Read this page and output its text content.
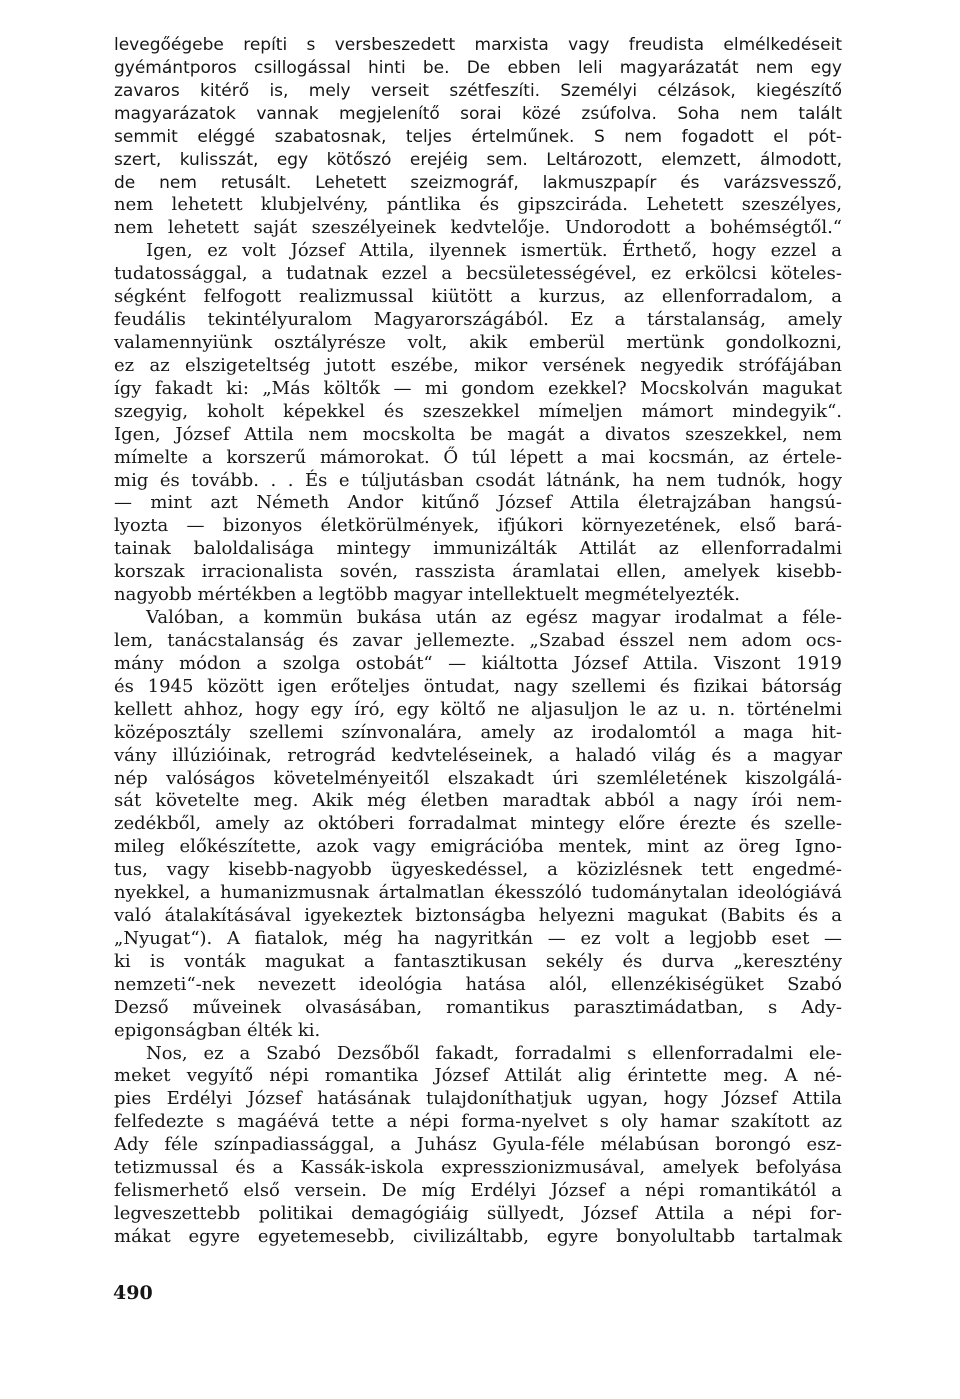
levegőégebe repíti s versbeszedett marxista vagy freudista elmélkedéseit
gyémántporos csillogással hinti be. De ebben leli magyarázatát nem egy
zavaros kitérő is, mely verseit szétfeszíti. Személyi célzások, kiegészítő
magyarázatok vannak megjelenítő sorai közé zsúfolva. Soha nem talált
semmit eléggé szabatosnak, teljes értelműnek. S nem fogadott el pót-
szert, kulisszát, egy kötőszó erejéig sem. Leltározott, elemzett, álmodott,
de nem retusált. Lehetett szeizmográf, lakmuszpapír és varázsvessző,
nem lehetett klubjelvény, pántlika és gipszcirádа. Lehetett szeszélyes,
nem lehetett saját szeszélyeinek kedvtelője. Undorodott a bohémségtől.“
Igen, ez volt József Attila, ilyennek ismertük. Érthető, hogy ezzel a
tudatossággal, a tudatnak ezzel a becsületességével, ez erkölcsi köteles-
ségként felfogott realizmussal kiütött a kurzus, az ellenforradalom, a
feudális tekintélyuralom Magyarországából. Ez a társtalanság, amely
valamennyiünk osztályrésze volt, akik emberül mertünk gondolkozni,
ez az elszigeteltség jutott eszébe, mikor versének negyedik strófájában
így fakadt ki: „Más költők — mi gondom ezekkel? Mocskolván magukat
szegyig, koholt képekkel és szeszekkel mímeljen mámort mindegyik“.
Igen, József Attila nem mocskolta be magát a divatos szeszekkel, nem
mímelte a korszerű mámorokat. Ő túl lépett a mai kocsmán, az értele-
mig és tovább. . . És e túljutásban csodát látnánk, ha nem tudnók, hogy
— mint azt Németh Andor kitűnő József Attila életrajzában hangsú-
lyozta — bizonyos életkörülmények, ifjúkori környezetének, első bará-
tainak baloldalisága mintegy immunizálták Attilát az ellenforradalmi
korszak irracionalista sovén, rasszista áramlatai ellen, amelyek kisebb-
nagyobb mértékben a legtöbb magyar intellektuelt megmételyezték.
Valóban, a kommün bukása után az egész magyar irodalmat a féle-
lem, tanácstalanság és zavar jellemezte. „Szabad ésszel nem adom ocs-
mány módon a szolga ostobát“ — kiáltotta József Attila. Viszont 1919
és 1945 között igen erőteljes öntudat, nagy szellemi és fizikai bátorság
kellett ahhoz, hogy egy író, egy költő ne aljasuljon le az u. n. történelmi
középosztály szellemi színvonalára, amely az irodalomtól a maga hit-
vány illúzióinak, retrográd kedvteléseinek, a haladó világ és a magyar
nép valóságos követelményeitől elszakadt úri szemléletének kiszolgálá-
sát követelte meg. Akik még életben maradtak abból a nagy írói nem-
zedékből, amely az októberi forradalmat mintegy előre érezte és szelle-
mileg előkészítette, azok vagy emigrációba mentek, mint az öreg Igno-
tus, vagy kisebb-nagyobb ügyeskedéssel, a közizlésnek tett engedmé-
nyekkel, a humanizmusnak ártalmatlan ékesszóló tudománytalan ideológiává
való átalakításával igyekeztek biztonságba helyezni magukat (Babits és a
„Nyugat“). A fiatalok, még ha nagyritkán — ez volt a legjobb eset —
ki is vonták magukat a fantasztikusan sekély és durva „keresztény
nemzeti“-nek nevezett ideológia hatása alól, ellenzékiségüket Szabó
Dezső műveinek olvasásában, romantikus parasztimádatban, s Ady-
epigonságban élték ki.
Nos, ez a Szabó Dezsőből fakadt, forradalmi s ellenforradalmi ele-
meket vegyítő népi romantika József Attilát alig érintette meg. A né-
pies Erdélyi József hatásának tulajdoníthatjuk ugyan, hogy József Attila
felfedezte s magáévá tette a népi forma-nyelvet s oly hamar szakított az
Ady féle színpadiassággal, a Juhász Gyula-féle mélabúsan borongó esz-
tetizmussal és a Kassák-iskola expresszionizmusával, amelyek befolyása
felismerhető első versein. De míg Erdélyi József a népi romantikától a
legveszettebb politikai demagógiáig süllyedt, József Attila a népi for-
mákat egyre egyetemesebb, civilizáltabb, egyre bonyolultabb tartalmak
490
